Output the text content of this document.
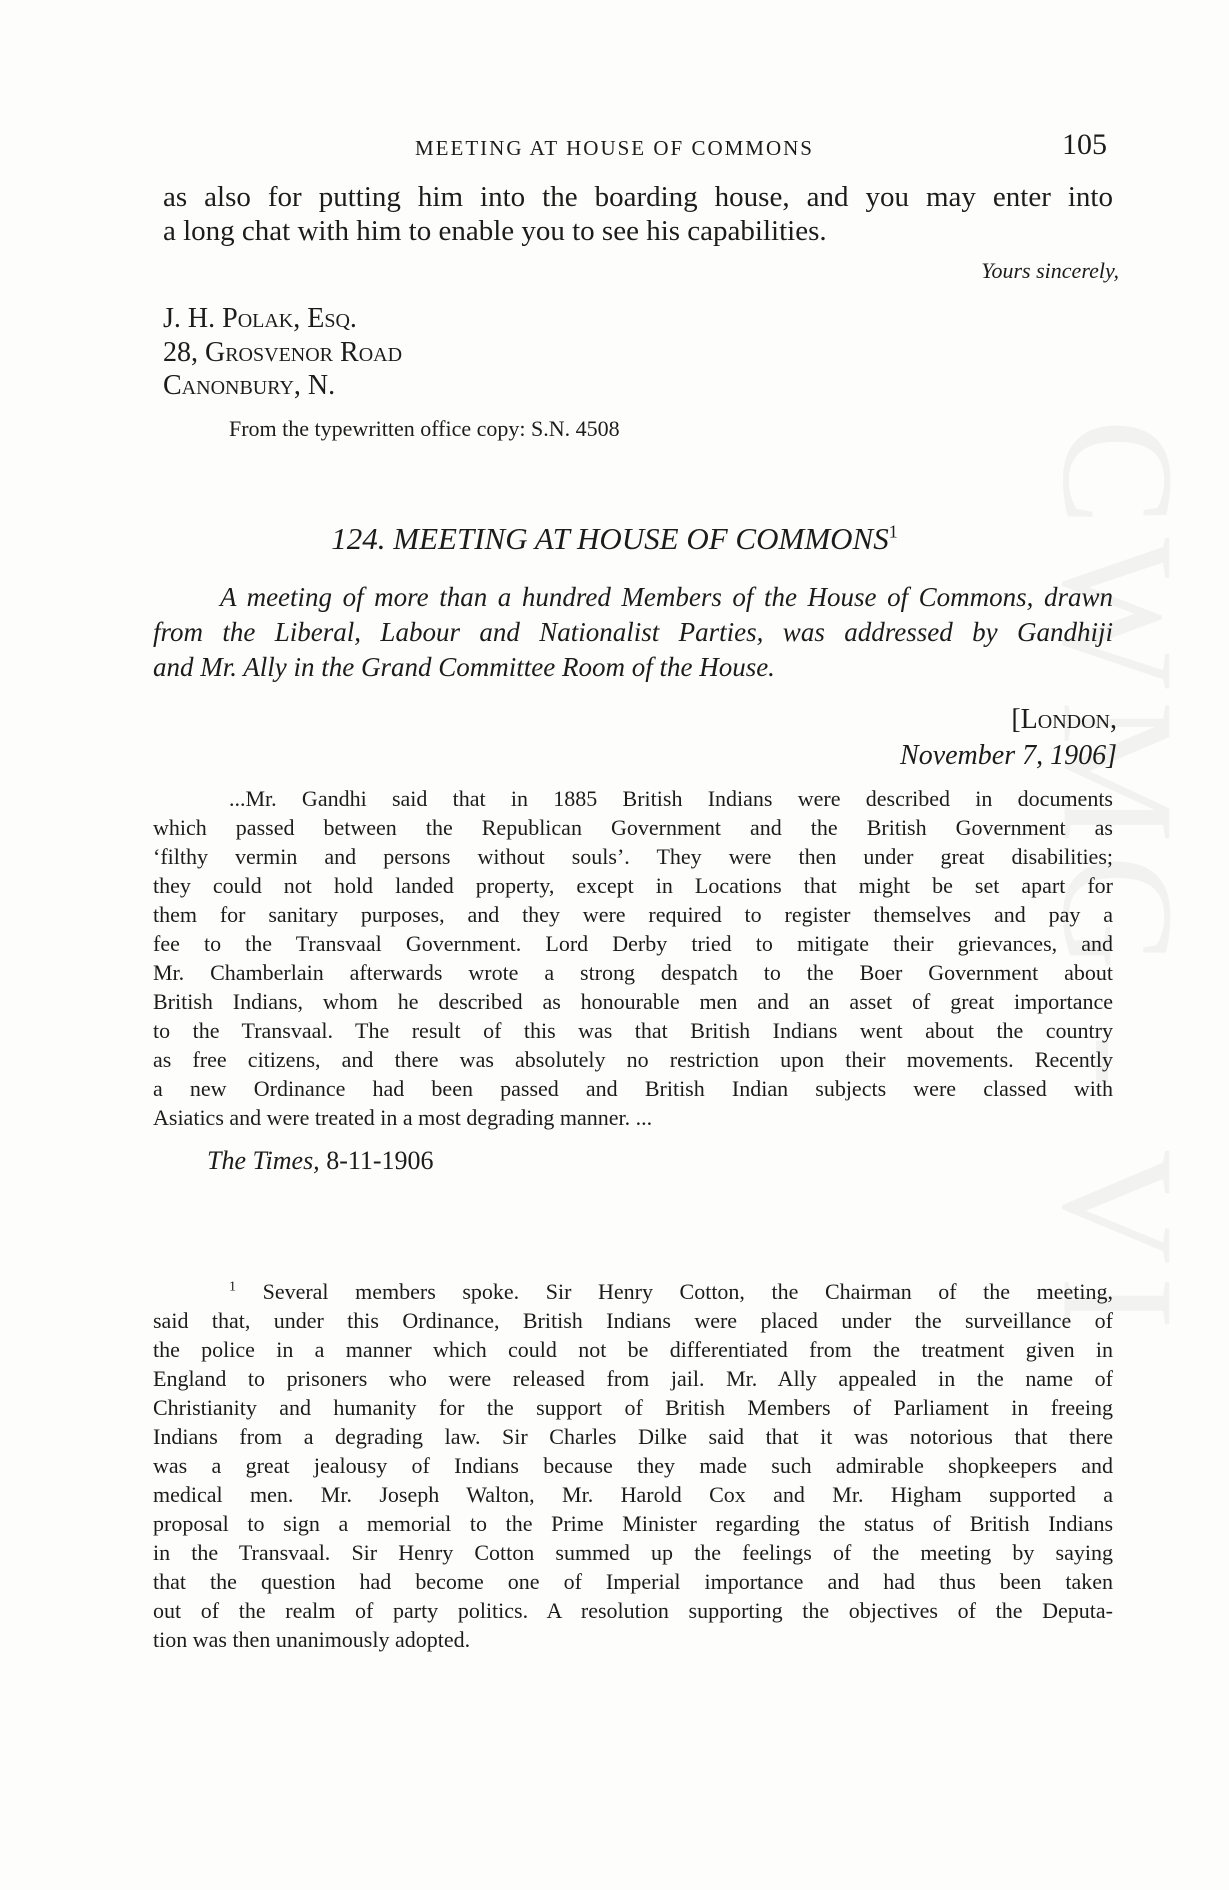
MEETING AT HOUSE OF COMMONS	105
as also for putting him into the boarding house, and you may enter into
a long chat with him to enable you to see his capabilities.
Yours sincerely,
J. H. Polak, Esq.
28, Grosvenor Road
Canonbury, N.
From the typewritten office copy: S.N. 4508
124. MEETING AT HOUSE OF COMMONS$^1$
A meeting of more than a hundred Members of the House of Commons, drawn
from the Liberal, Labour and Nationalist Parties, was addressed by Gandhiji
and Mr. Ally in the Grand Committee Room of the House.
[London,
November 7, 1906]
...Mr. Gandhi said that in 1885 British Indians were described in documents
which passed between the Republican Government and the British Government as
‘filthy vermin and persons without souls’. They were then under great disabilities;
they could not hold landed property, except in Locations that might be set apart for
them for sanitary purposes, and they were required to register themselves and pay a
fee to the Transvaal Government. Lord Derby tried to mitigate their grievances, and
Mr. Chamberlain afterwards wrote a strong despatch to the Boer Government about
British Indians, whom he described as honourable men and an asset of great importance
to the Transvaal. The result of this was that British Indians went about the country
as free citizens, and there was absolutely no restriction upon their movements. Recently
a new Ordinance had been passed and British Indian subjects were classed with
Asiatics and were treated in a most degrading manner. ...
The Times, 8-11-1906
$^1$ Several members spoke. Sir Henry Cotton, the Chairman of the meeting,
said that, under this Ordinance, British Indians were placed under the surveillance of
the police in a manner which could not be differentiated from the treatment given in
England to prisoners who were released from jail. Mr. Ally appealed in the name of
Christianity and humanity for the support of British Members of Parliament in freeing
Indians from a degrading law. Sir Charles Dilke said that it was notorious that there
was a great jealousy of Indians because they made such admirable shopkeepers and
medical men. Mr. Joseph Walton, Mr. Harold Cox and Mr. Higham supported a
proposal to sign a memorial to the Prime Minister regarding the status of British Indians
in the Transvaal. Sir Henry Cotton summed up the feelings of the meeting by saying
that the question had become one of Imperial importance and had thus been taken
out of the realm of party politics. A resolution supporting the objectives of the Deputa-
tion was then unanimously adopted.
